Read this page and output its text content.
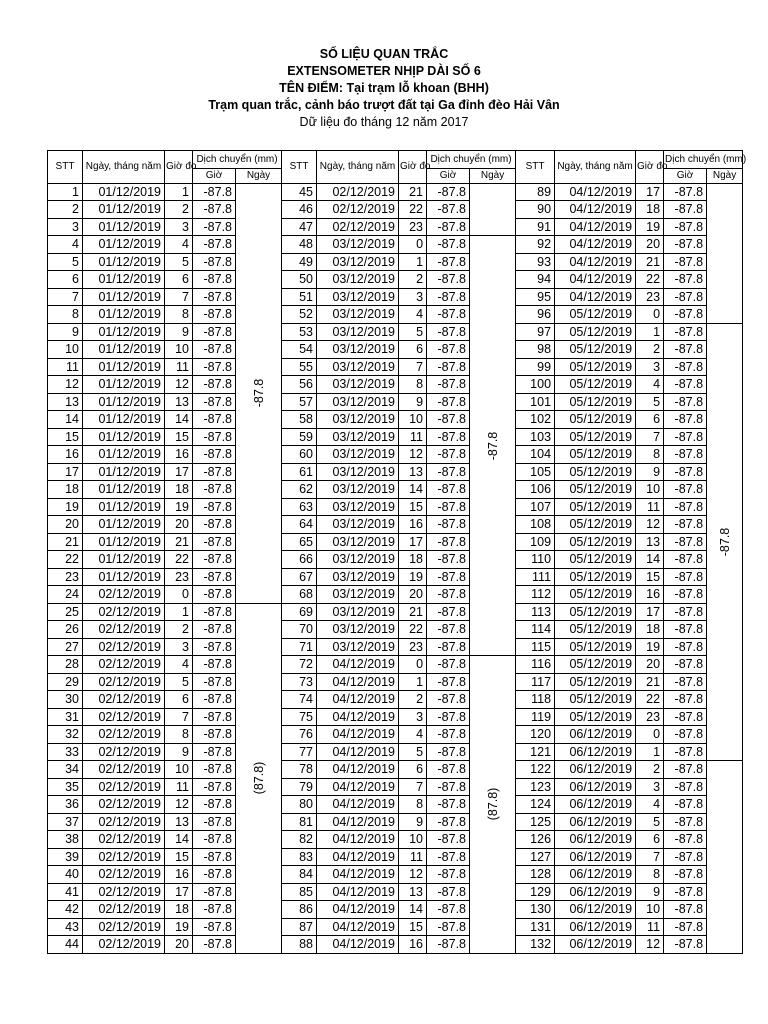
SỐ LIỆU QUAN TRẮC
EXTENSOMETER NHỊP DÀI SỐ 6
TÊN ĐIỂM: Tại trạm lỗ khoan (BHH)
Trạm quan trắc, cảnh báo trượt đất tại Ga đỉnh đèo Hải Vân
Dữ liệu đo tháng 12 năm 2017
STT	Ngày, tháng năm	Giờ đo	Dịch chuyển (mm)		STT	Ngày, tháng năm	Giờ đo	Dịch chuyển (mm)		STT	Ngày, tháng năm	Giờ đo	Dịch chuyển (mm)	
			Giờ	Ngày				Giờ	Ngày				Giờ	Ngày
1	01/12/2019	1	-87.8	-87.8	45	02/12/2019	21	-87.8		89	04/12/2019	17	-87.8	
2	01/12/2019	2	-87.8		46	02/12/2019	22	-87.8		90	04/12/2019	18	-87.8	
3	01/12/2019	3	-87.8		47	02/12/2019	23	-87.8		91	04/12/2019	19	-87.8	
4	01/12/2019	4	-87.8		48	03/12/2019	0	-87.8	-87.8	92	04/12/2019	20	-87.8	
5	01/12/2019	5	-87.8		49	03/12/2019	1	-87.8		93	04/12/2019	21	-87.8	
6	01/12/2019	6	-87.8		50	03/12/2019	2	-87.8		94	04/12/2019	22	-87.8	
7	01/12/2019	7	-87.8		51	03/12/2019	3	-87.8		95	04/12/2019	23	-87.8	
8	01/12/2019	8	-87.8		52	03/12/2019	4	-87.8		96	05/12/2019	0	-87.8	
9	01/12/2019	9	-87.8		53	03/12/2019	5	-87.8		97	05/12/2019	1	-87.8	-87.8

10	01/12/2019	10	-87.8		54	03/12/2019	6	-87.8		98	05/12/2019	2	-87.8	
11	01/12/2019	11	-87.8		55	03/12/2019	7	-87.8		99	05/12/2019	3	-87.8	
12	01/12/2019	12	-87.8		56	03/12/2019	8	-87.8		100	05/12/2019	4	-87.8	
13	01/12/2019	13	-87.8		57	03/12/2019	9	-87.8		101	05/12/2019	5	-87.8	
14	01/12/2019	14	-87.8		58	03/12/2019	10	-87.8		102	05/12/2019	6	-87.8	
15	01/12/2019	15	-87.8		59	03/12/2019	11	-87.8		103	05/12/2019	7	-87.8	
16	01/12/2019	16	-87.8		60	03/12/2019	12	-87.8		104	05/12/2019	8	-87.8	
17	01/12/2019	17	-87.8		61	03/12/2019	13	-87.8		105	05/12/2019	9	-87.8	
18	01/12/2019	18	-87.8		62	03/12/2019	14	-87.8		106	05/12/2019	10	-87.8	
19	01/12/2019	19	-87.8		63	03/12/2019	15	-87.8		107	05/12/2019	11	-87.8	
20	01/12/2019	20	-87.8		64	03/12/2019	16	-87.8		108	05/12/2019	12	-87.8	
21	01/12/2019	21	-87.8		65	03/12/2019	17	-87.8		109	05/12/2019	13	-87.8	
22	01/12/2019	22	-87.8		66	03/12/2019	18	-87.8		110	05/12/2019	14	-87.8	
23	01/12/2019	23	-87.8		67	03/12/2019	19	-87.8		111	05/12/2019	15	-87.8	
24	02/12/2019	0	-87.8		68	03/12/2019	20	-87.8		112	05/12/2019	16	-87.8	
25	02/12/2019	1	-87.8	(87.8)	69	03/12/2019	21	-87.8		113	05/12/2019	17	-87.8	
26	02/12/2019	2	-87.8		70	03/12/2019	22	-87.8		114	05/12/2019	18	-87.8	
27	02/12/2019	3	-87.8		71	03/12/2019	23	-87.8		115	05/12/2019	19	-87.8	
28	02/12/2019	4	-87.8		72	04/12/2019	0	-87.8	(87.8)	116	05/12/2019	20	-87.8	
29	02/12/2019	5	-87.8		73	04/12/2019	1	-87.8		117	05/12/2019	21	-87.8	
30	02/12/2019	6	-87.8		74	04/12/2019	2	-87.8		118	05/12/2019	22	-87.8	
31	02/12/2019	7	-87.8		75	04/12/2019	3	-87.8		119	05/12/2019	23	-87.8	
32	02/12/2019	8	-87.8		76	04/12/2019	4	-87.8		120	06/12/2019	0	-87.8	
33	02/12/2019	9	-87.8		77	04/12/2019	5	-87.8		121	06/12/2019	1	-87.8	
34	02/12/2019	10	-87.8		78	04/12/2019	6	-87.8		122	06/12/2019	2	-87.8	
35	02/12/2019	11	-87.8		79	04/12/2019	7	-87.8		123	06/12/2019	3	-87.8	
36	02/12/2019	12	-87.8		80	04/12/2019	8	-87.8		124	06/12/2019	4	-87.8	
37	02/12/2019	13	-87.8		81	04/12/2019	9	-87.8		125	06/12/2019	5	-87.8	
38	02/12/2019	14	-87.8		82	04/12/2019	10	-87.8		126	06/12/2019	6	-87.8	
39	02/12/2019	15	-87.8		83	04/12/2019	11	-87.8		127	06/12/2019	7	-87.8	
40	02/12/2019	16	-87.8		84	04/12/2019	12	-87.8		128	06/12/2019	8	-87.8	
41	02/12/2019	17	-87.8		85	04/12/2019	13	-87.8		129	06/12/2019	9	-87.8	
42	02/12/2019	18	-87.8		86	04/12/2019	14	-87.8		130	06/12/2019	10	-87.8	
43	02/12/2019	19	-87.8		87	04/12/2019	15	-87.8		131	06/12/2019	11	-87.8	
44	02/12/2019	20	-87.8		88	04/12/2019	16	-87.8		132	06/12/2019	12	-87.8	
